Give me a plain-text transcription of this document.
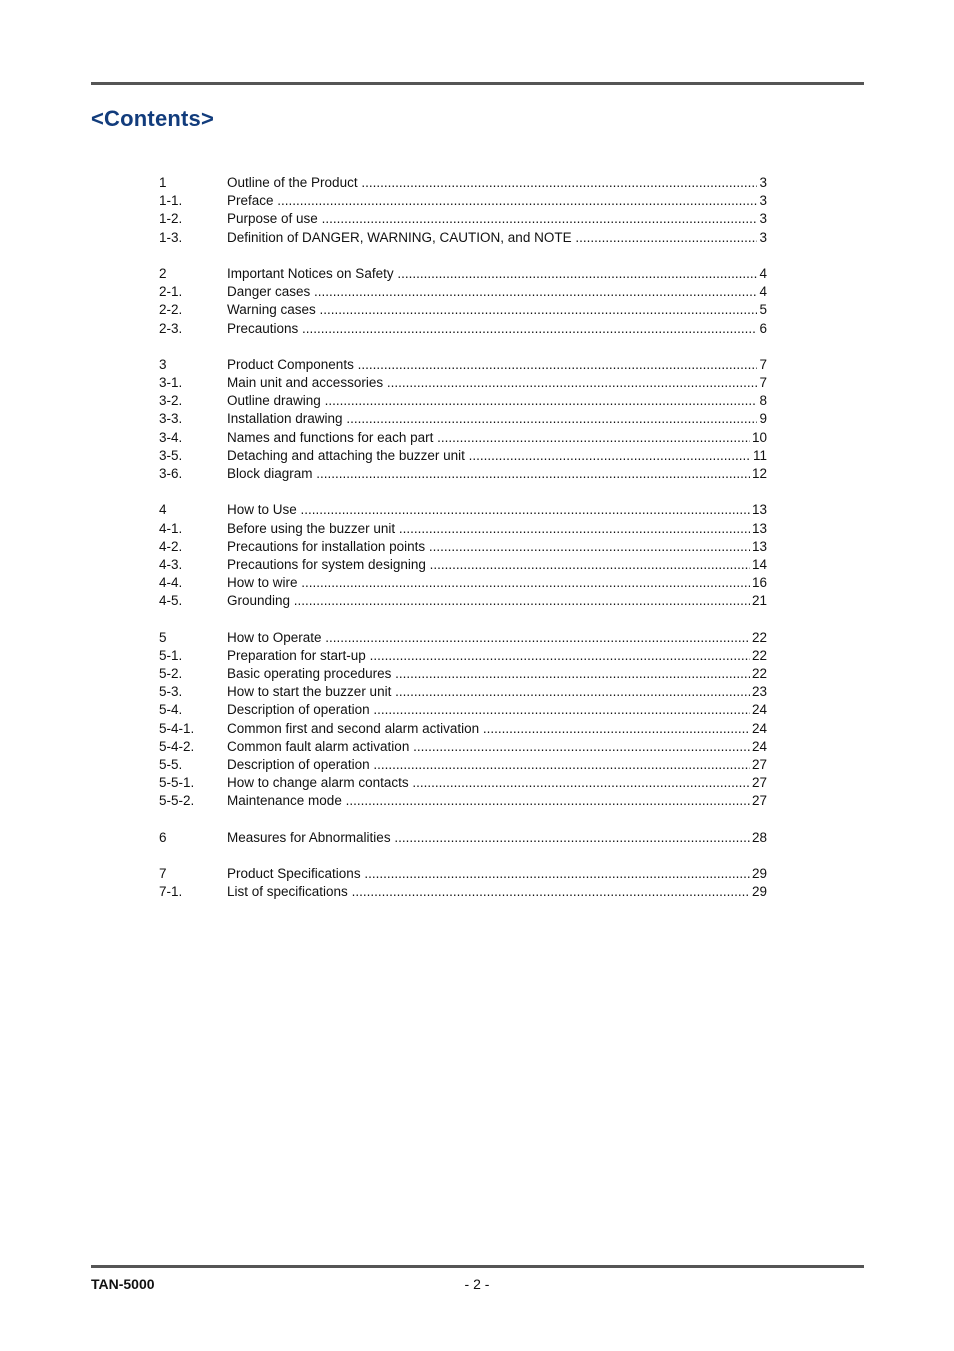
<Contents>
1	Outline of the Product .....	3
1-1.	Preface .....	3
1-2.	Purpose of use .....	3
1-3.	Definition of DANGER, WARNING, CAUTION, and NOTE .....	3
2	Important Notices on Safety .....	4
2-1.	Danger cases .....	4
2-2.	Warning cases .....	5
2-3.	Precautions .....	6
3	Product Components .....	7
3-1.	Main unit and accessories .....	7
3-2.	Outline drawing .....	8
3-3.	Installation drawing .....	9
3-4.	Names and functions for each part .....	10
3-5.	Detaching and attaching the buzzer unit .....	11
3-6.	Block diagram .....	12
4	How to Use .....	13
4-1.	Before using the buzzer unit .....	13
4-2.	Precautions for installation points .....	13
4-3.	Precautions for system designing .....	14
4-4.	How to wire .....	16
4-5.	Grounding .....	21
5	How to Operate .....	22
5-1.	Preparation for start-up .....	22
5-2.	Basic operating procedures .....	22
5-3.	How to start the buzzer unit .....	23
5-4.	Description of operation .....	24
5-4-1.	Common first and second alarm activation .....	24
5-4-2.	Common fault alarm activation .....	24
5-5.	Description of operation .....	27
5-5-1.	How to change alarm contacts .....	27
5-5-2.	Maintenance mode .....	27
6	Measures for Abnormalities .....	28
7	Product Specifications .....	29
7-1.	List of specifications .....	29
TAN-5000	- 2 -
